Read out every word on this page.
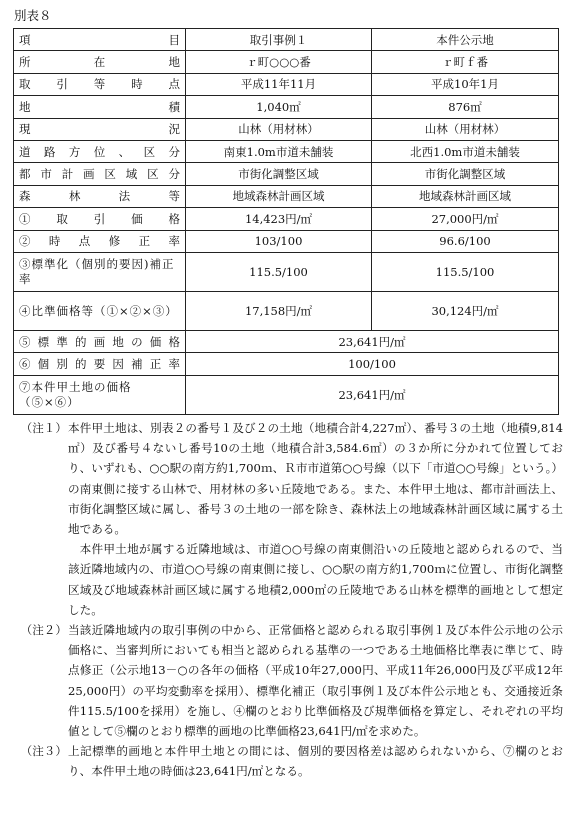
別表８
項 目	取引事例１	本件公示地
所在地	ｒ町○○○番	ｒ町ｆ番
取引等時点	平成11年11月	平成10年1月
地積	1,040㎡	876㎡
現況	山林（用材林）	山林（用材林）
道路方位、区分	南東1.0m市道未舗装	北西1.0m市道未舗装
都市計画区域区分	市街化調整区域	市街化調整区域
森林法等	地域森林計画区域	地域森林計画区域
①取引価格	14,423円/㎡	27,000円/㎡
②時点修正率	103/100	96.6/100

③標準化（個別的要因)補正率	115.5/100	115.5/100

④比準価格等（①×②×③）	17,158円/㎡	30,124円/㎡
⑤標準的画地の価格	23,641円/㎡	
⑥個別的要因補正率	100/100	

⑦本件甲土地の価格（⑤×⑥）	23,641円/㎡	
（注１） 本件甲土地は、別表２の番号１及び２の土地（地積合計4,227㎡）、番号３の土地（地積9,814㎡）及び番号４ないし番号10の土地（地積合計3,584.6㎡）の３か所に分かれて位置しており、いずれも、○○駅の南方約1,700ｍ、Ｒ市市道第○○号線（以下「市道○○号線」という。）の南東側に接する山林で、用材林の多い丘陵地である。また、本件甲土地は、都市計画法上、市街化調整区域に属し、番号３の土地の一部を除き、森林法上の地域森林計画区域に属する土地である。

本件甲土地が属する近隣地域は、市道○○号線の南東側沿いの丘陵地と認められるので、当該近隣地域内の、市道○○号線の南東側に接し、○○駅の南方約1,700ｍに位置し、市街化調整区域及び地域森林計画区域に属する地積2,000㎡の丘陵地である山林を標準的画地として想定した。

（注２） 当該近隣地域内の取引事例の中から、正常価格と認められる取引事例１及び本件公示地の公示価格に、当審判所においても相当と認められる基準の一つである土地価格比準表に準じて、時点修正（公示地13－○の各年の価格（平成10年27,000円、平成11年26,000円及び平成12年25,000円）の平均変動率を採用）、標準化補正（取引事例１及び本件公示地とも、交通接近条件115.5/100を採用）を施し、④欄のとおり比準価格及び規準価格を算定し、それぞれの平均値として⑤欄のとおり標準的画地の比準価格23,641円/㎡を求めた。

（注３） 上記標準的画地と本件甲土地との間には、個別的要因格差は認められないから、⑦欄のとおり、本件甲土地の時価は23,641円/㎡となる。
